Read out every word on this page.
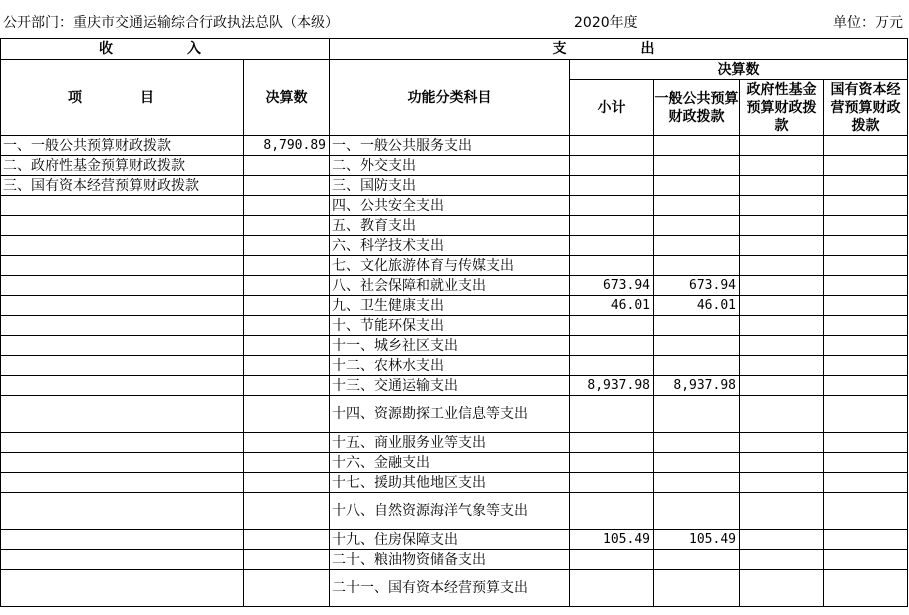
公开部门：重庆市交通运输综合行政执法总队（本级）	2020年度	单位：万元
收　入		支　出				
项　目	决算数	功能分类科目	决算数			
			小计	一般公共预算财政拨款	政府性基金预算财政拨款	国有资本经营预算财政拨款
一、一般公共预算财政拨款	8,790.89	一、一般公共服务支出				
二、政府性基金预算财政拨款		二、外交支出				
三、国有资本经营预算财政拨款		三、国防支出				
		四、公共安全支出				
		五、教育支出				
		六、科学技术支出				
		七、文化旅游体育与传媒支出				
		八、社会保障和就业支出	673.94	673.94		
		九、卫生健康支出	46.01	46.01		
		十、节能环保支出				
		十一、城乡社区支出				
		十二、农林水支出				
		十三、交通运输支出	8,937.98	8,937.98		
		十四、资源勘探工业信息等支出				
		十五、商业服务业等支出				
		十六、金融支出				
		十七、援助其他地区支出				
		十八、自然资源海洋气象等支出				
		十九、住房保障支出	105.49	105.49		
		二十、粮油物资储备支出				
		二十一、国有资本经营预算支出				
